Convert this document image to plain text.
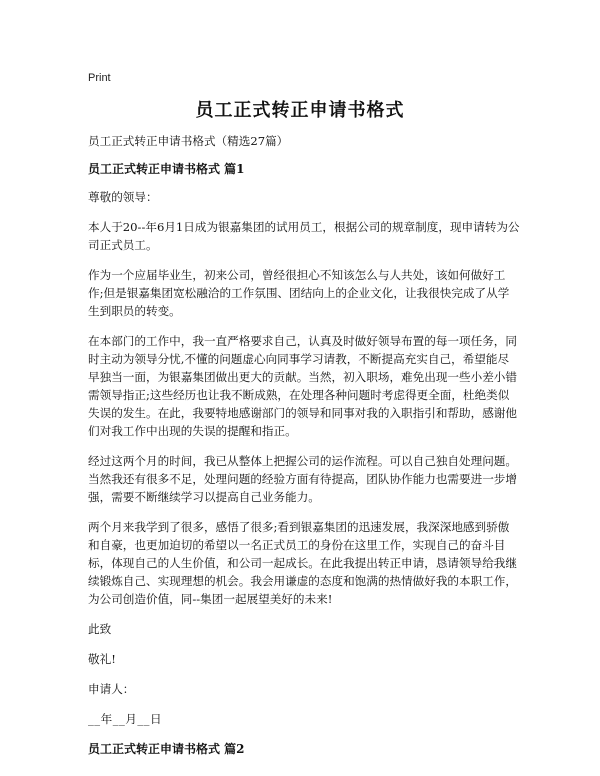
Print
员工正式转正申请书格式

员工正式转正申请书格式（精选27篇）

员工正式转正申请书格式 篇1

尊敬的领导：

本人于20--年6月1日成为银嘉集团的试用员工，根据公司的规章制度，现申请转为公司正式员工。

作为一个应届毕业生，初来公司，曾经很担心不知该怎么与人共处，该如何做好工作;但是银嘉集团宽松融洽的工作氛围、团结向上的企业文化，让我很快完成了从学生到职员的转变。

在本部门的工作中，我一直严格要求自己，认真及时做好领导布置的每一项任务，同时主动为领导分忧,不懂的问题虚心向同事学习请教，不断提高充实自己，希望能尽早独当一面，为银嘉集团做出更大的贡献。当然，初入职场，难免出现一些小差小错需领导指正;这些经历也让我不断成熟，在处理各种问题时考虑得更全面，杜绝类似失误的发生。在此，我要特地感谢部门的领导和同事对我的入职指引和帮助，感谢他们对我工作中出现的失误的提醒和指正。

经过这两个月的时间，我已从整体上把握公司的运作流程。可以自己独自处理问题。当然我还有很多不足，处理问题的经验方面有待提高，团队协作能力也需要进一步增强，需要不断继续学习以提高自己业务能力。

两个月来我学到了很多，感悟了很多;看到银嘉集团的迅速发展，我深深地感到骄傲和自豪，也更加迫切的希望以一名正式员工的身份在这里工作，实现自己的奋斗目标，体现自己的人生价值，和公司一起成长。在此我提出转正申请，恳请领导给我继续锻炼自己、实现理想的机会。我会用谦虚的态度和饱满的热情做好我的本职工作，为公司创造价值，同--集团一起展望美好的未来!

此致

敬礼!

申请人：

__年__月__日

员工正式转正申请书格式 篇2
